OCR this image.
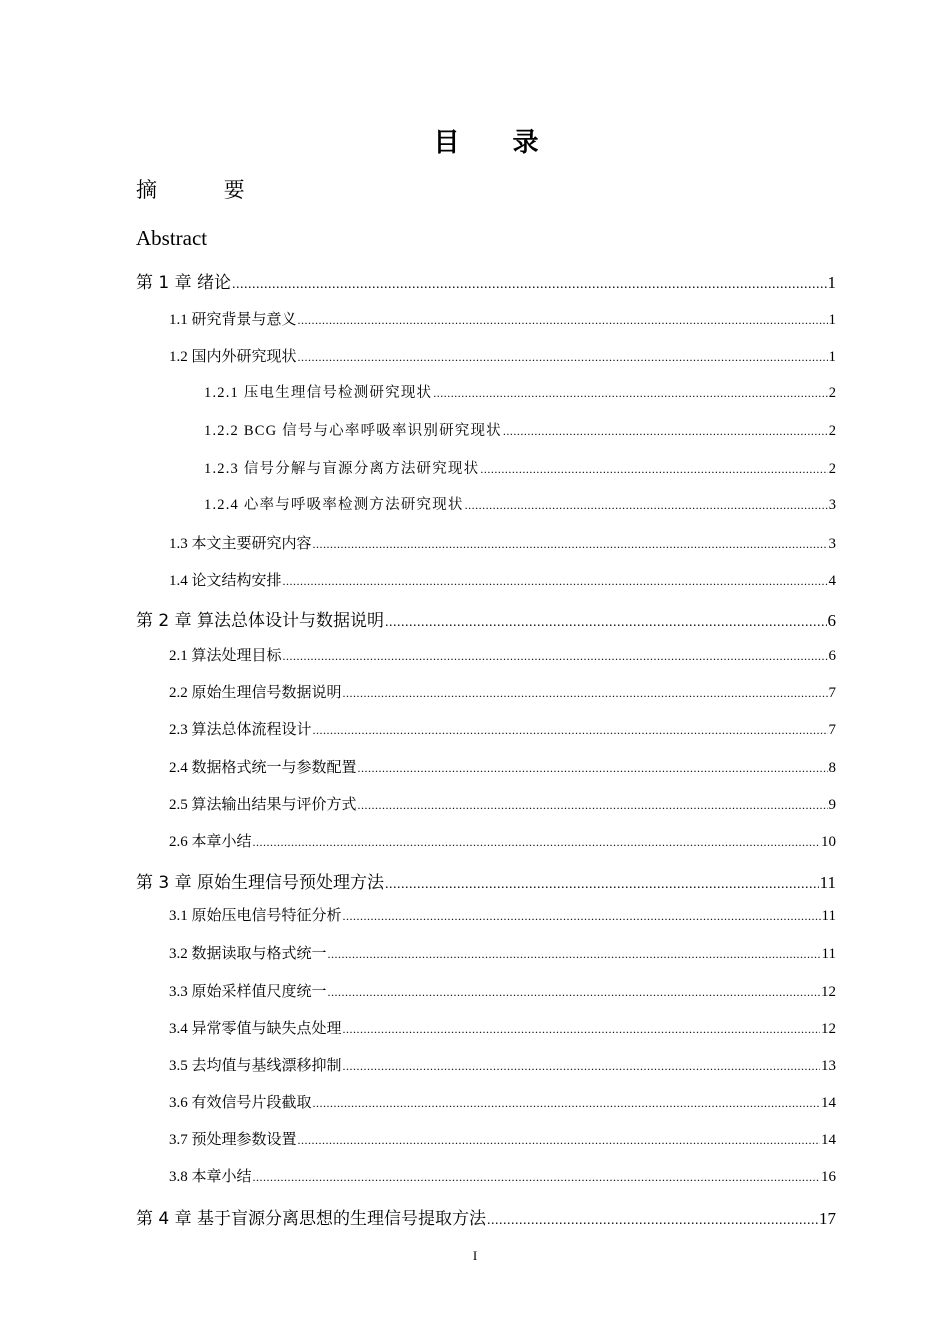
目 录
摘 要
Abstract
第 1 章 绪论 .....	1
1.1 研究背景与意义 .....	1
1.2 国内外研究现状 .....	1
1.2.1 压电生理信号检测研究现状 .....	2
1.2.2 BCG 信号与心率呼吸率识别研究现状 .....	2
1.2.3 信号分解与盲源分离方法研究现状 .....	2
1.2.4 心率与呼吸率检测方法研究现状 .....	3
1.3 本文主要研究内容 .....	3
1.4 论文结构安排 .....	4
第 2 章 算法总体设计与数据说明 .....	6
2.1 算法处理目标 .....	6
2.2 原始生理信号数据说明 .....	7
2.3 算法总体流程设计 .....	7
2.4 数据格式统一与参数配置 .....	8
2.5 算法输出结果与评价方式 .....	9
2.6 本章小结 .....	10
第 3 章 原始生理信号预处理方法 .....	11
3.1 原始压电信号特征分析 .....	11
3.2 数据读取与格式统一 .....	11
3.3 原始采样值尺度统一 .....	12
3.4 异常零值与缺失点处理 .....	12
3.5 去均值与基线漂移抑制 .....	13
3.6 有效信号片段截取 .....	14
3.7 预处理参数设置 .....	14
3.8 本章小结 .....	16
第 4 章 基于盲源分离思想的生理信号提取方法 .....	17
I
